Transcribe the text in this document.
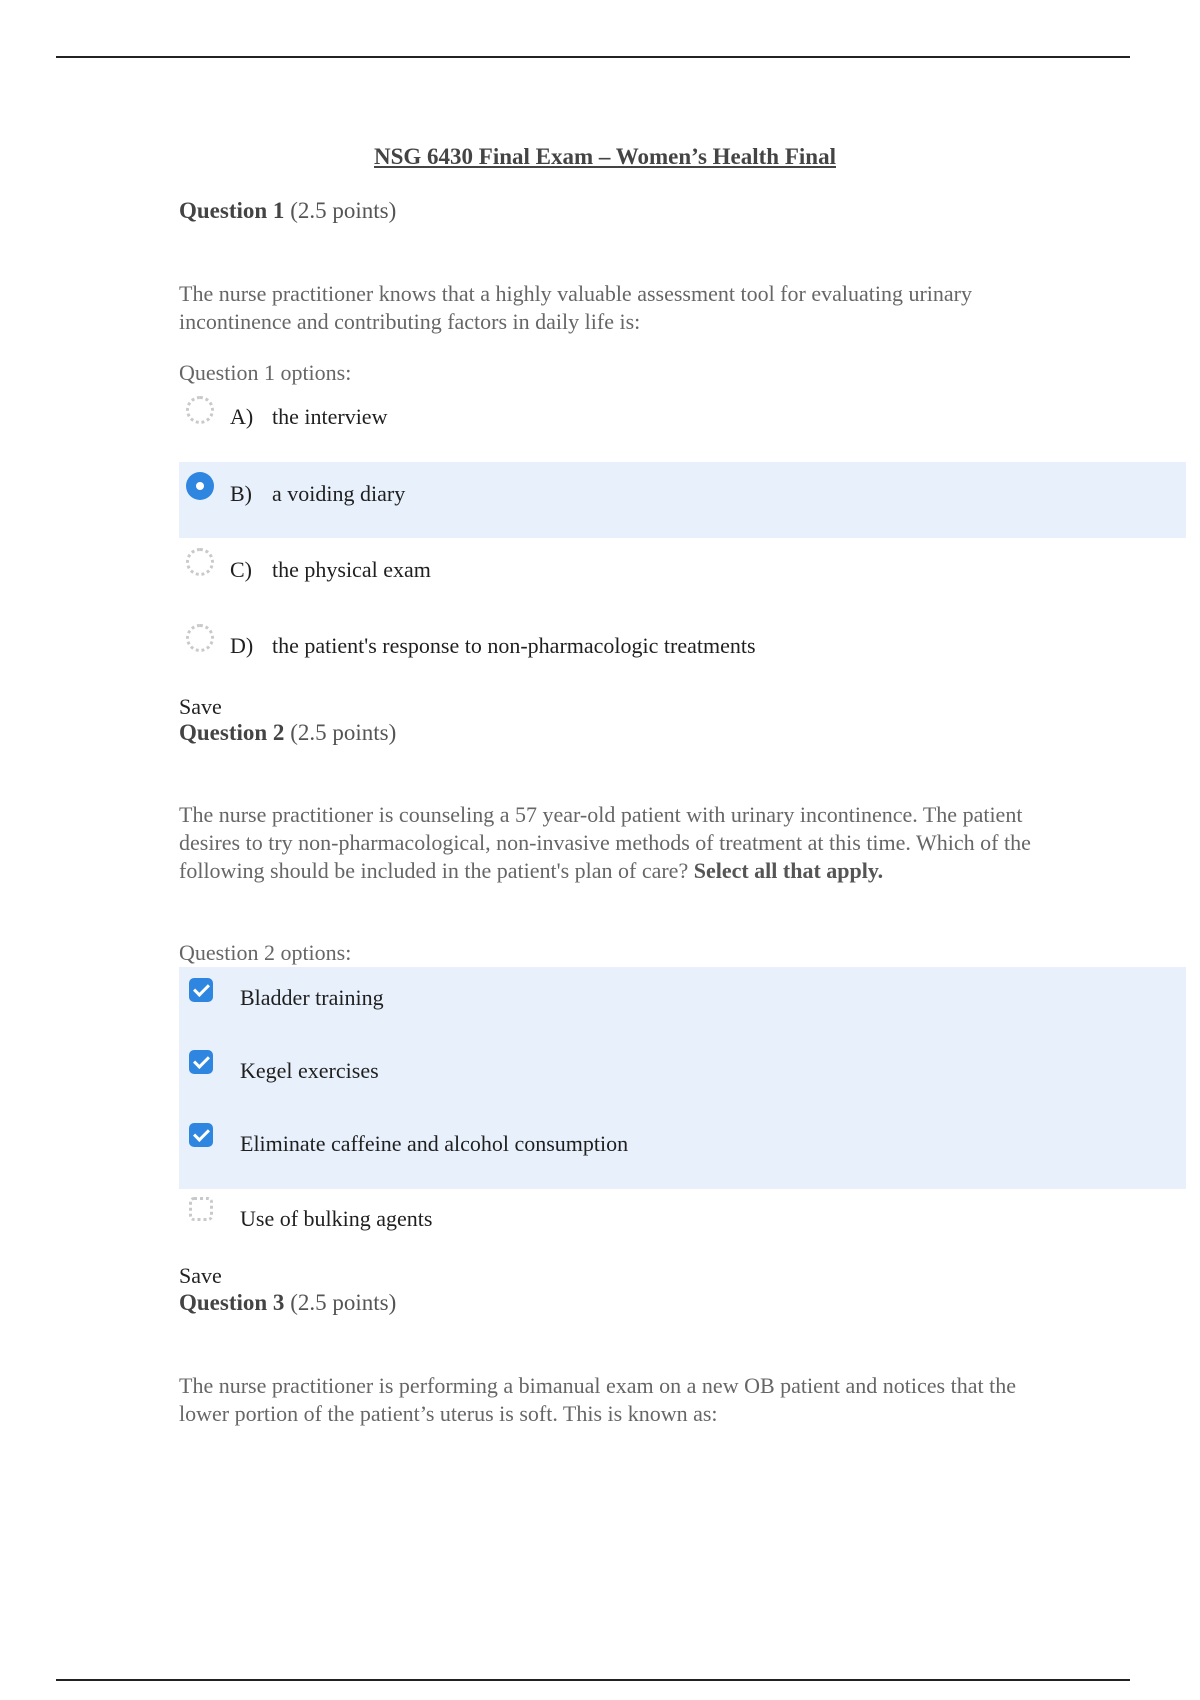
NSG 6430 Final Exam – Women’s Health Final
Question 1 (2.5 points)
The nurse practitioner knows that a highly valuable assessment tool for evaluating urinary incontinence and contributing factors in daily life is:
Question 1 options:
A) the interview
B) a voiding diary
C) the physical exam
D) the patient's response to non-pharmacologic treatments
Save
Question 2 (2.5 points)
The nurse practitioner is counseling a 57 year-old patient with urinary incontinence. The patient desires to try non-pharmacological, non-invasive methods of treatment at this time. Which of the following should be included in the patient's plan of care? Select all that apply.
Question 2 options:
Bladder training
Kegel exercises
Eliminate caffeine and alcohol consumption
Use of bulking agents
Save
Question 3 (2.5 points)
The nurse practitioner is performing a bimanual exam on a new OB patient and notices that the lower portion of the patient’s uterus is soft. This is known as:
